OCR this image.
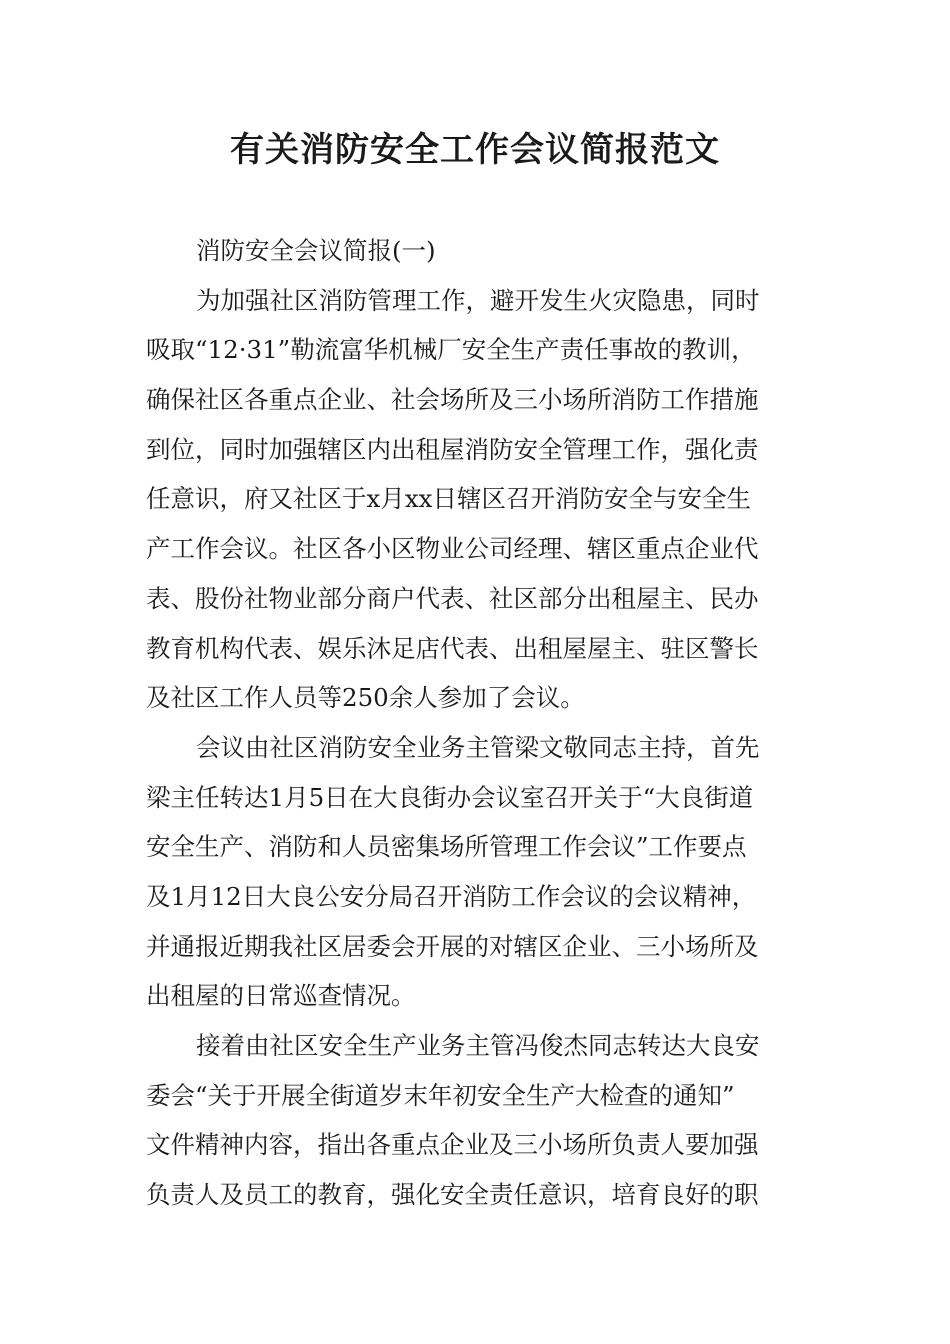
有关消防安全工作会议简报范文

消防安全会议简报(一)

为加强社区消防管理工作，避开发生火灾隐患，同时

吸取“12·31”勒流富华机械厂安全生产责任事故的教训，

确保社区各重点企业、社会场所及三小场所消防工作措施

到位，同时加强辖区内出租屋消防安全管理工作，强化责

任意识，府又社区于x月xx日辖区召开消防安全与安全生

产工作会议。社区各小区物业公司经理、辖区重点企业代

表、股份社物业部分商户代表、社区部分出租屋主、民办

教育机构代表、娱乐沐足店代表、出租屋屋主、驻区警长

及社区工作人员等250余人参加了会议。

会议由社区消防安全业务主管梁文敬同志主持，首先

梁主任转达1月5日在大良街办会议室召开关于“大良街道

安全生产、消防和人员密集场所管理工作会议”工作要点

及1月12日大良公安分局召开消防工作会议的会议精神，

并通报近期我社区居委会开展的对辖区企业、三小场所及

出租屋的日常巡查情况。

接着由社区安全生产业务主管冯俊杰同志转达大良安

委会“关于开展全街道岁末年初安全生产大检查的通知”

文件精神内容，指出各重点企业及三小场所负责人要加强

负责人及员工的教育，强化安全责任意识，培育良好的职
